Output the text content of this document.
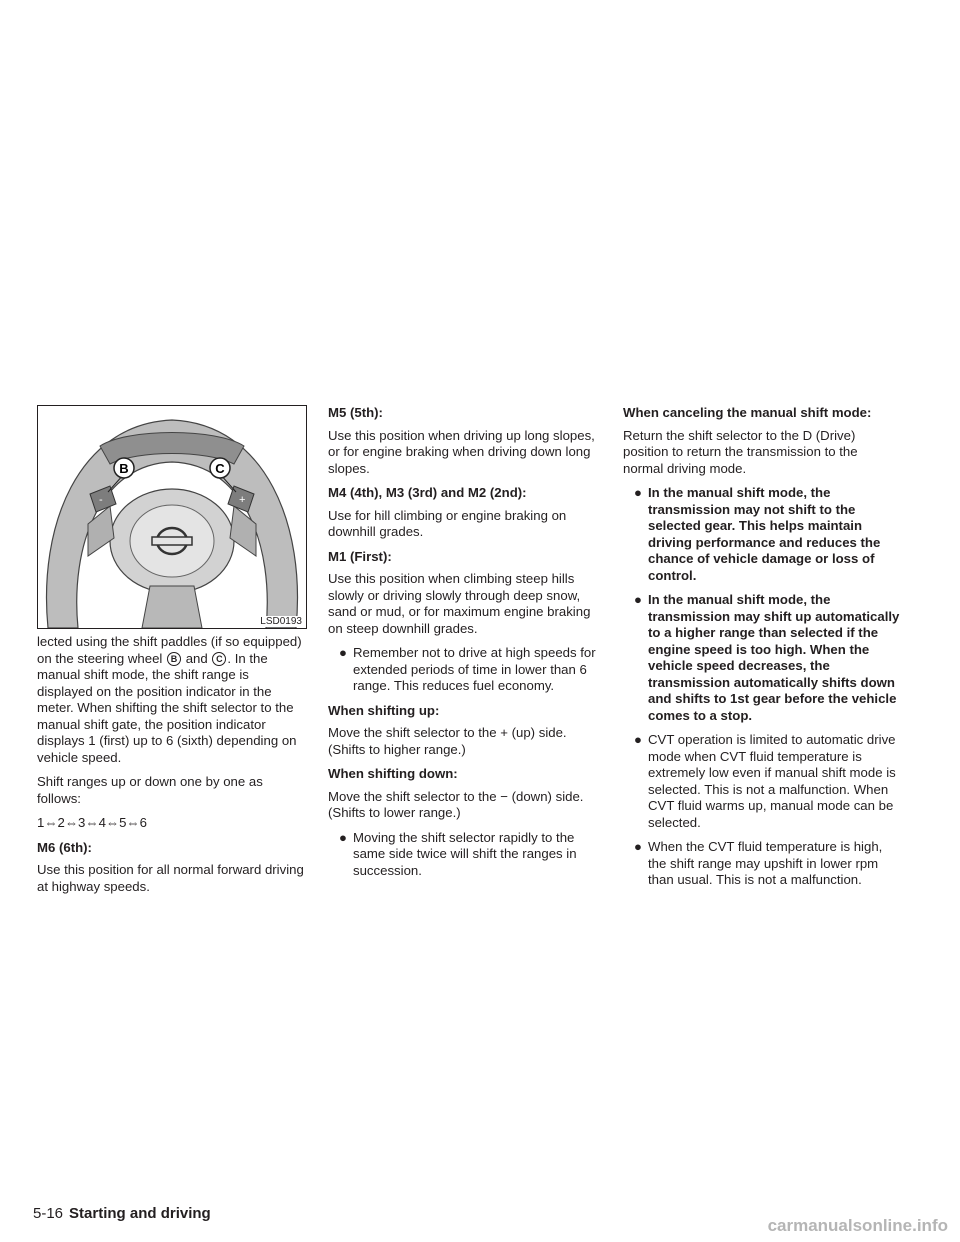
-	+
B	C
LSD0193

lected using the shift paddles (if so equipped) on the steering wheel B and C . In the manual shift mode, the shift range is displayed on the position indicator in the meter. When shifting the shift selector to the manual shift gate, the position indicator displays 1 (first) up to 6 (sixth) depending on vehicle speed.

Shift ranges up or down one by one as follows:

1⇔2⇔3⇔4⇔5⇔6

M6 (6th):

Use this position for all normal forward driving at highway speeds.

M5 (5th):

Use this position when driving up long slopes, or for engine braking when driving down long slopes.

M4 (4th), M3 (3rd) and M2 (2nd):

Use for hill climbing or engine braking on downhill grades.

M1 (First):

Use this position when climbing steep hills slowly or driving slowly through deep snow, sand or mud, or for maximum engine braking on steep downhill grades.

● Remember not to drive at high speeds for extended periods of time in lower than 6 range. This reduces fuel economy.

When shifting up:

Move the shift selector to the + (up) side. (Shifts to higher range.)

When shifting down:

Move the shift selector to the − (down) side. (Shifts to lower range.)

● Moving the shift selector rapidly to the same side twice will shift the ranges in succession.

When canceling the manual shift mode:

Return the shift selector to the D (Drive) position to return the transmission to the normal driving mode.

● In the manual shift mode, the transmission may not shift to the selected gear. This helps maintain driving performance and reduces the chance of vehicle damage or loss of control.

● In the manual shift mode, the transmission may shift up automatically to a higher range than selected if the engine speed is too high. When the vehicle speed decreases, the transmission automatically shifts down and shifts to 1st gear before the vehicle comes to a stop.

● CVT operation is limited to automatic drive mode when CVT fluid temperature is extremely low even if manual shift mode is selected. This is not a malfunction. When CVT fluid warms up, manual mode can be selected.

● When the CVT fluid temperature is high, the shift range may upshift in lower rpm than usual. This is not a malfunction.

5-16 Starting and driving
carmanualsonline.info
